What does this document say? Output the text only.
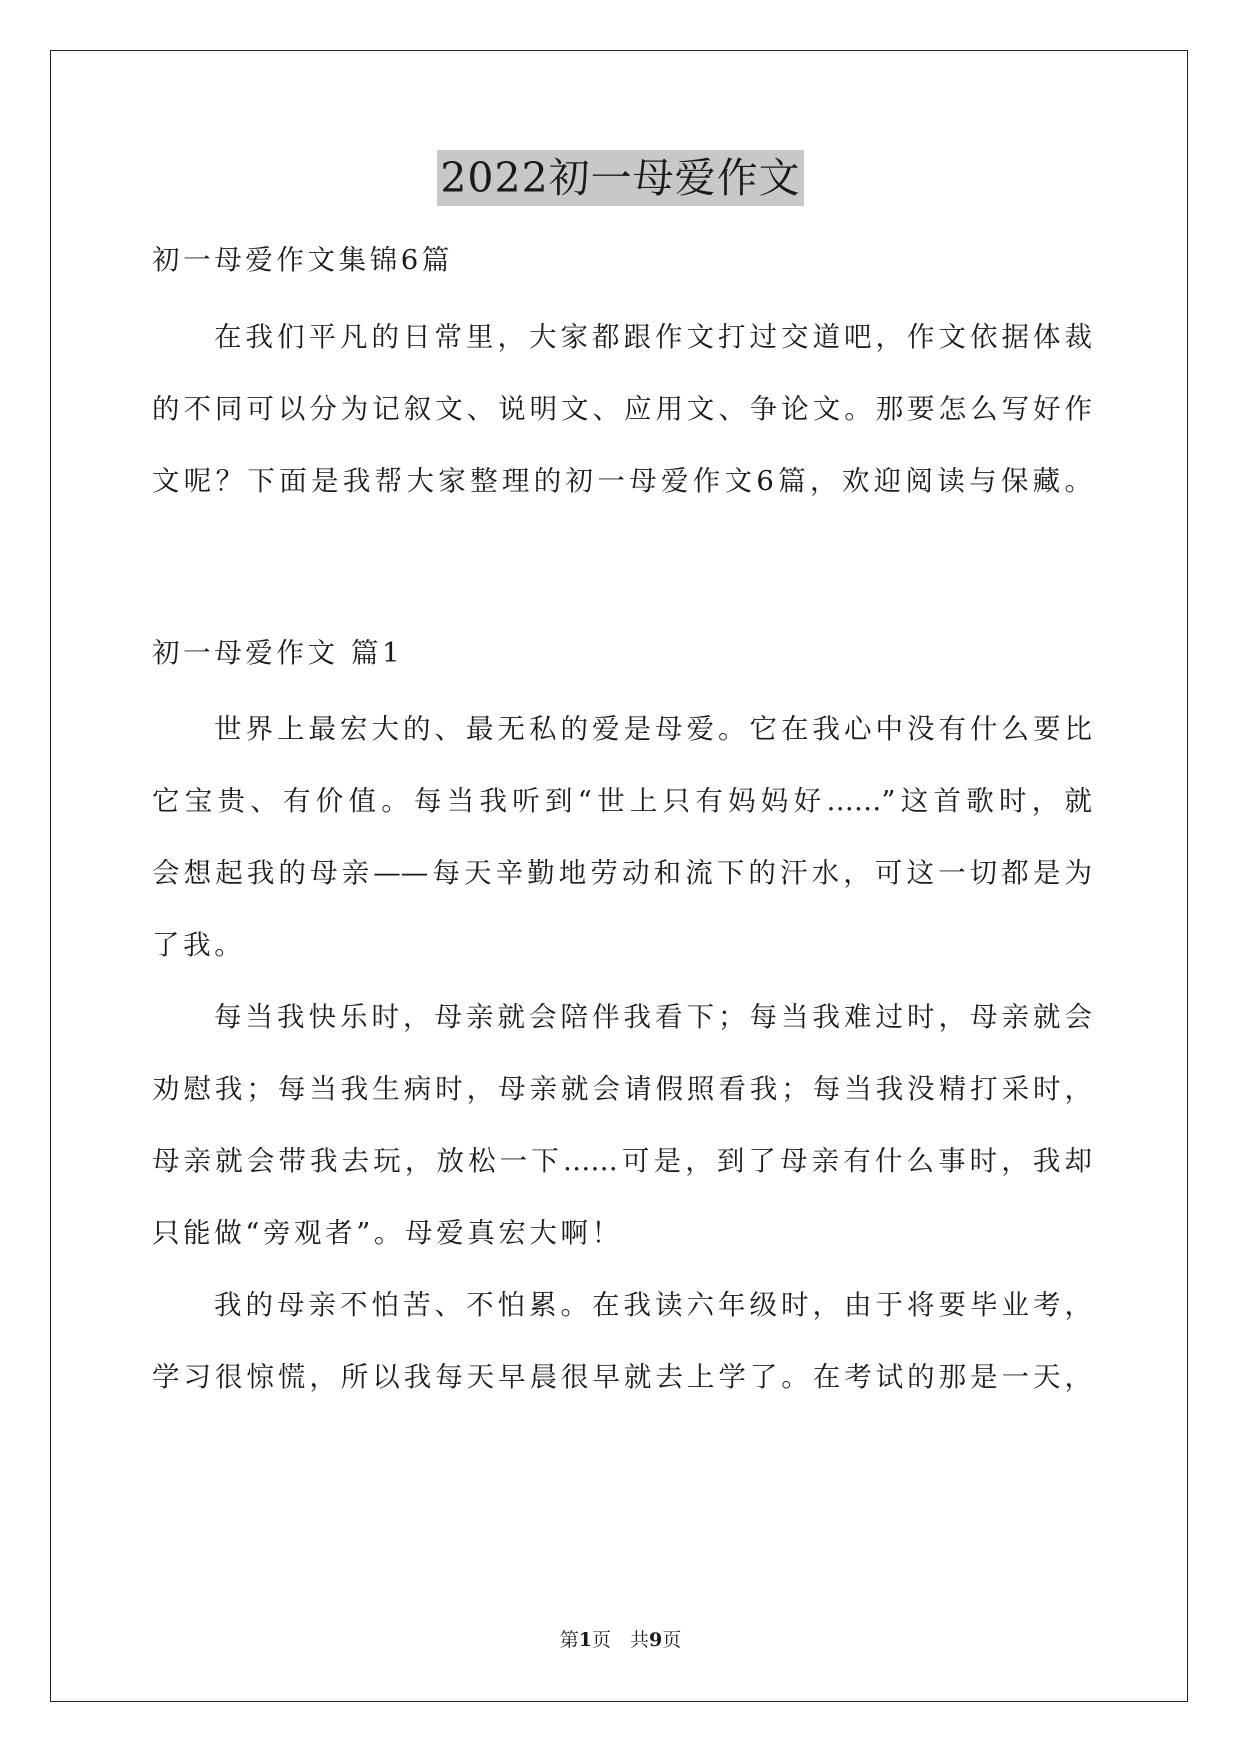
2022初一母爱作文
初一母爱作文集锦6篇
在我们平凡的日常里，大家都跟作文打过交道吧，作文依据体裁
的不同可以分为记叙文、说明文、应用文、争论文。那要怎么写好作
文呢？下面是我帮大家整理的初一母爱作文6篇，欢迎阅读与保藏。
初一母爱作文 篇1
世界上最宏大的、最无私的爱是母爱。它在我心中没有什么要比
它宝贵、有价值。每当我听到“世上只有妈妈好……”这首歌时，就
会想起我的母亲——每天辛勤地劳动和流下的汗水，可这一切都是为
了我。
每当我快乐时，母亲就会陪伴我看下；每当我难过时，母亲就会
劝慰我；每当我生病时，母亲就会请假照看我；每当我没精打采时，
母亲就会带我去玩，放松一下……可是，到了母亲有什么事时，我却
只能做“旁观者”。母爱真宏大啊！
我的母亲不怕苦、不怕累。在我读六年级时，由于将要毕业考，
学习很惊慌，所以我每天早晨很早就去上学了。在考试的那是一天，
第1页　共9页
